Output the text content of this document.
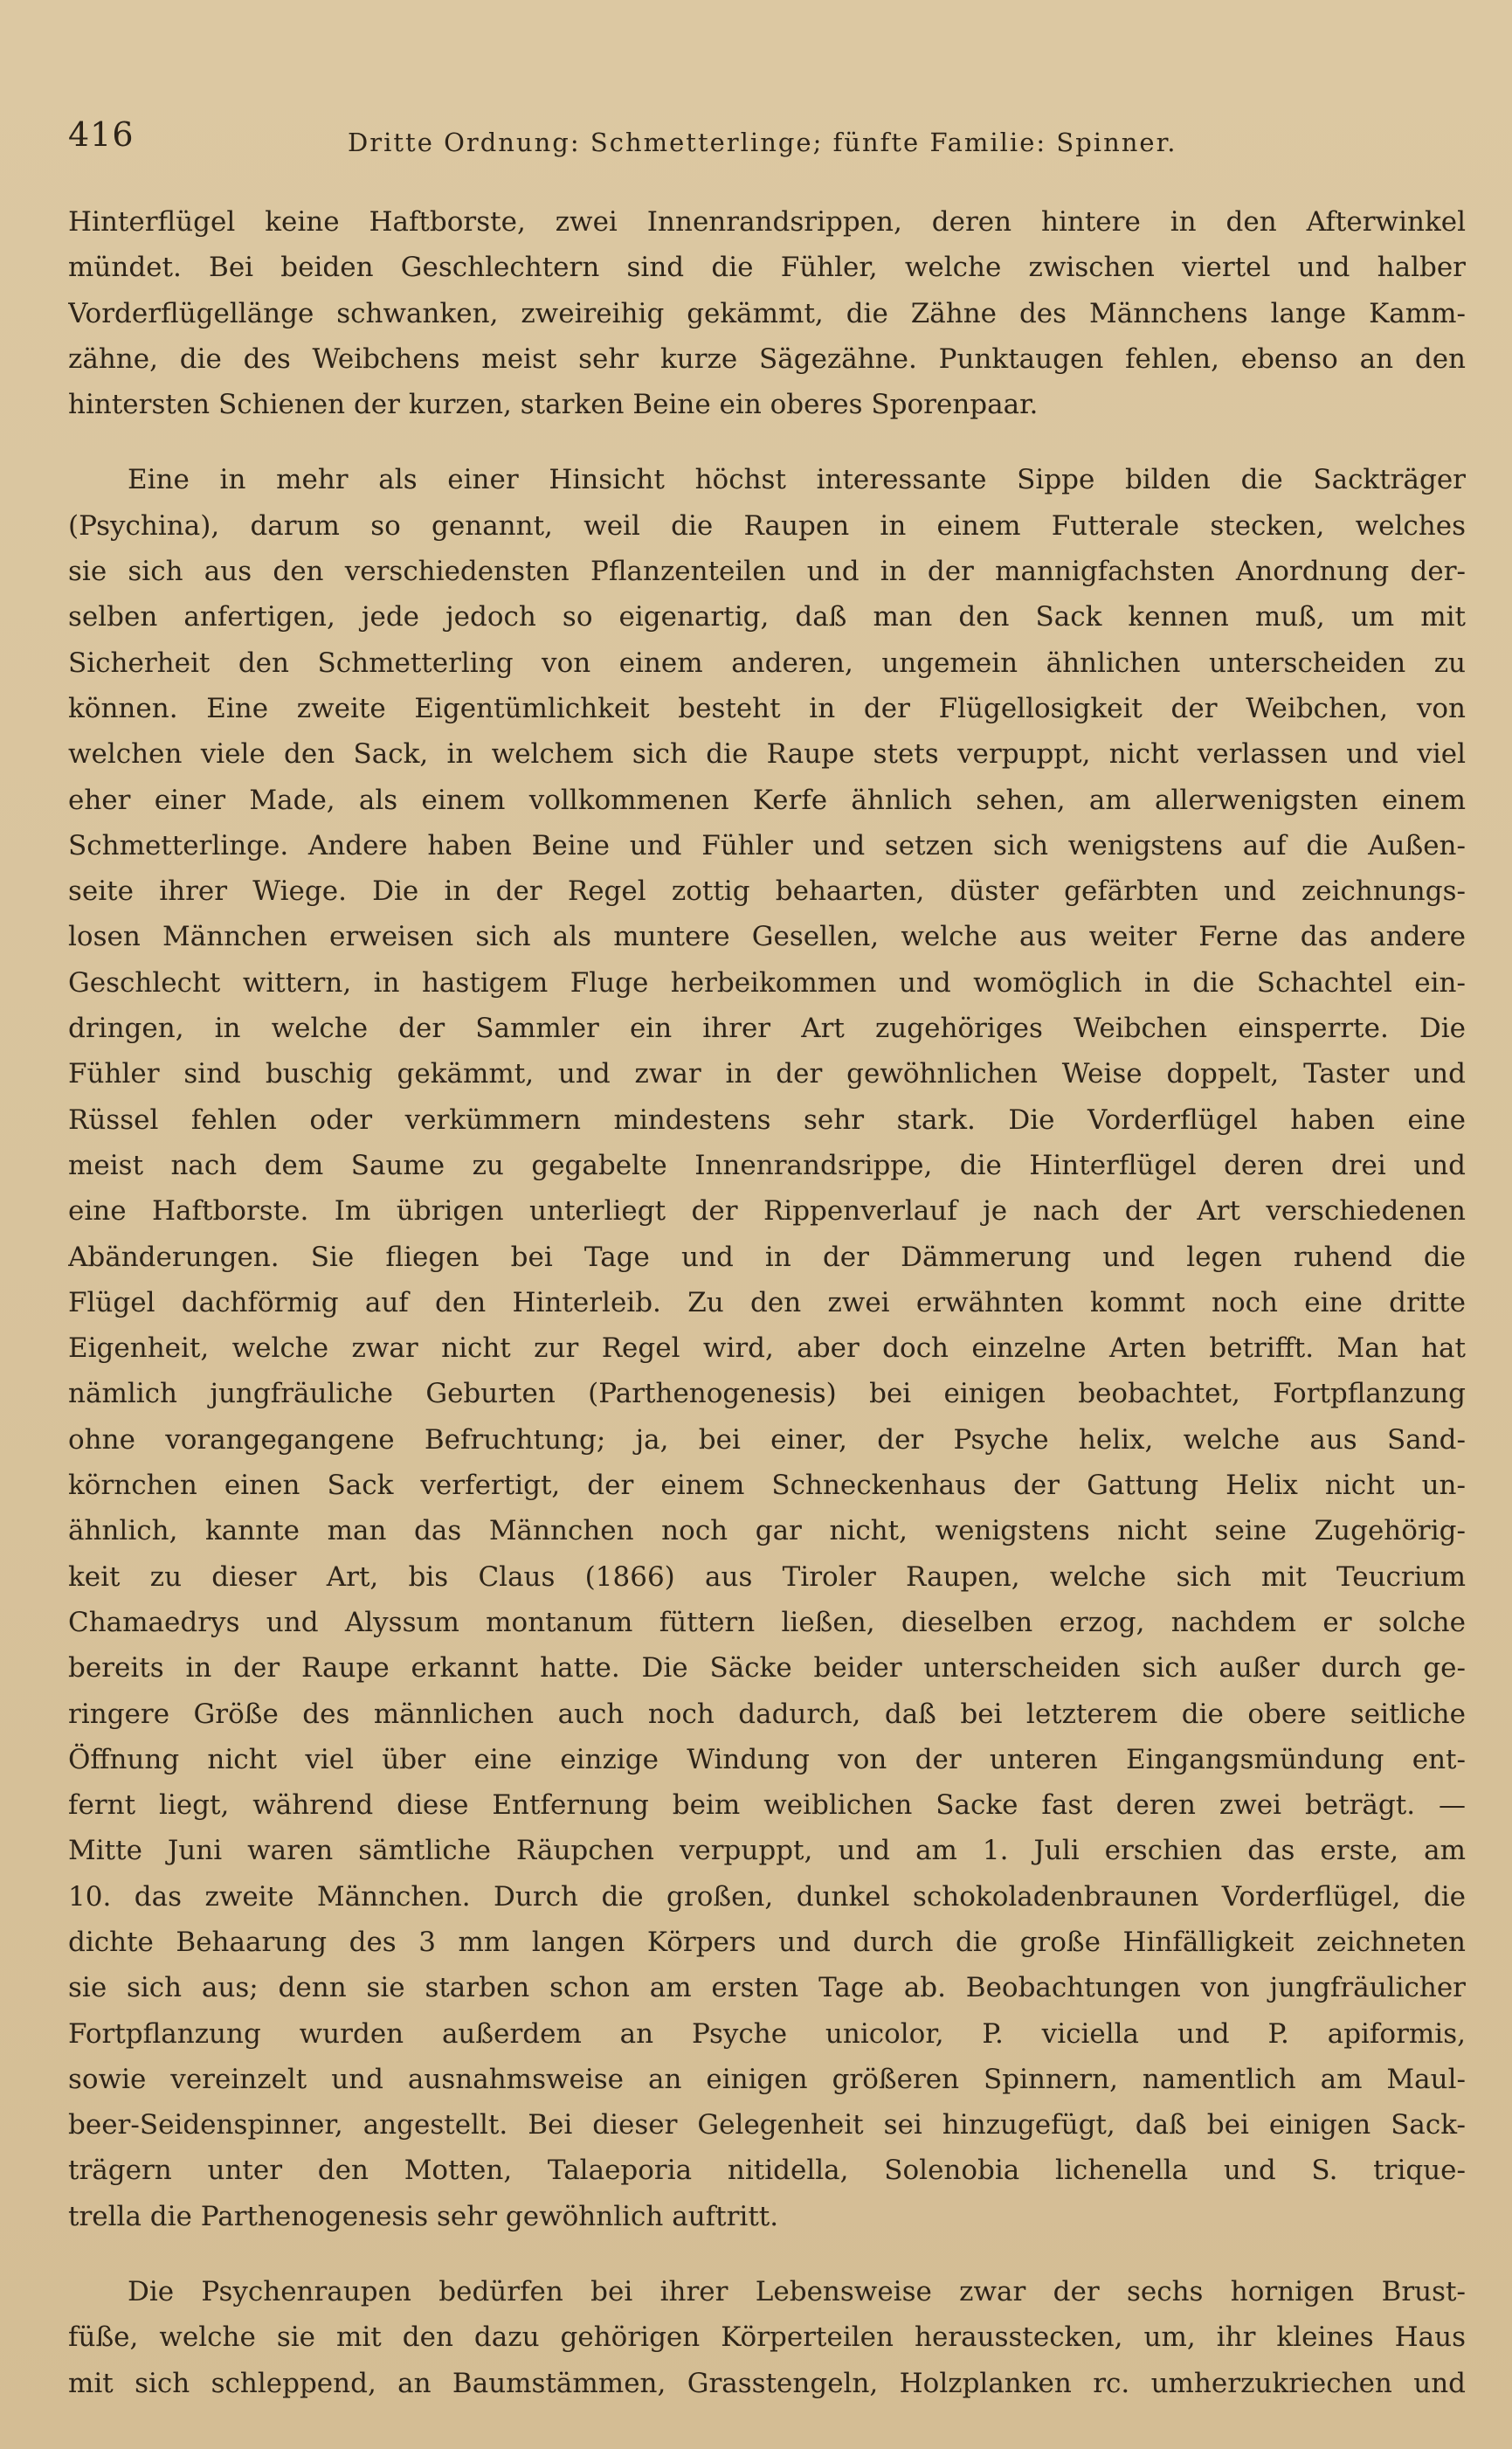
416	Dritte Ordnung: Schmetterlinge; fünfte Familie: Spinner.
Hinterflügel keine Haftborste, zwei Innenrandsrippen, deren hintere in den Afterwinkel
mündet. Bei beiden Geschlechtern sind die Fühler, welche zwischen viertel und halber
Vorderflügellänge schwanken, zweireihig gekämmt, die Zähne des Männchens lange Kamm-
zähne, die des Weibchens meist sehr kurze Sägezähne. Punktaugen fehlen, ebenso an den
hintersten Schienen der kurzen, starken Beine ein oberes Sporenpaar.
Eine in mehr als einer Hinsicht höchst interessante Sippe bilden die Sackträger
(Psychina), darum so genannt, weil die Raupen in einem Futterale stecken, welches
sie sich aus den verschiedensten Pflanzenteilen und in der mannigfachsten Anordnung der-
selben anfertigen, jede jedoch so eigenartig, daß man den Sack kennen muß, um mit
Sicherheit den Schmetterling von einem anderen, ungemein ähnlichen unterscheiden zu
können. Eine zweite Eigentümlichkeit besteht in der Flügellosigkeit der Weibchen, von
welchen viele den Sack, in welchem sich die Raupe stets verpuppt, nicht verlassen und viel
eher einer Made, als einem vollkommenen Kerfe ähnlich sehen, am allerwenigsten einem
Schmetterlinge. Andere haben Beine und Fühler und setzen sich wenigstens auf die Außen-
seite ihrer Wiege. Die in der Regel zottig behaarten, düster gefärbten und zeichnungs-
losen Männchen erweisen sich als muntere Gesellen, welche aus weiter Ferne das andere
Geschlecht wittern, in hastigem Fluge herbeikommen und womöglich in die Schachtel ein-
dringen, in welche der Sammler ein ihrer Art zugehöriges Weibchen einsperrte. Die
Fühler sind buschig gekämmt, und zwar in der gewöhnlichen Weise doppelt, Taster und
Rüssel fehlen oder verkümmern mindestens sehr stark. Die Vorderflügel haben eine
meist nach dem Saume zu gegabelte Innenrandsrippe, die Hinterflügel deren drei und
eine Haftborste. Im übrigen unterliegt der Rippenverlauf je nach der Art verschiedenen
Abänderungen. Sie fliegen bei Tage und in der Dämmerung und legen ruhend die
Flügel dachförmig auf den Hinterleib. Zu den zwei erwähnten kommt noch eine dritte
Eigenheit, welche zwar nicht zur Regel wird, aber doch einzelne Arten betrifft. Man hat
nämlich jungfräuliche Geburten (Parthenogenesis) bei einigen beobachtet, Fortpflanzung
ohne vorangegangene Befruchtung; ja, bei einer, der Psyche helix, welche aus Sand-
körnchen einen Sack verfertigt, der einem Schneckenhaus der Gattung Helix nicht un-
ähnlich, kannte man das Männchen noch gar nicht, wenigstens nicht seine Zugehörig-
keit zu dieser Art, bis Claus (1866) aus Tiroler Raupen, welche sich mit Teucrium
Chamaedrys und Alyssum montanum füttern ließen, dieselben erzog, nachdem er solche
bereits in der Raupe erkannt hatte. Die Säcke beider unterscheiden sich außer durch ge-
ringere Größe des männlichen auch noch dadurch, daß bei letzterem die obere seitliche
Öffnung nicht viel über eine einzige Windung von der unteren Eingangsmündung ent-
fernt liegt, während diese Entfernung beim weiblichen Sacke fast deren zwei beträgt. —
Mitte Juni waren sämtliche Räupchen verpuppt, und am 1. Juli erschien das erste, am
10. das zweite Männchen. Durch die großen, dunkel schokoladenbraunen Vorderflügel, die
dichte Behaarung des 3 mm langen Körpers und durch die große Hinfälligkeit zeichneten
sie sich aus; denn sie starben schon am ersten Tage ab. Beobachtungen von jungfräulicher
Fortpflanzung wurden außerdem an Psyche unicolor, P. viciella und P. apiformis,
sowie vereinzelt und ausnahmsweise an einigen größeren Spinnern, namentlich am Maul-
beer-Seidenspinner, angestellt. Bei dieser Gelegenheit sei hinzugefügt, daß bei einigen Sack-
trägern unter den Motten, Talaeporia nitidella, Solenobia lichenella und S. trique-
trella die Parthenogenesis sehr gewöhnlich auftritt.
Die Psychenraupen bedürfen bei ihrer Lebensweise zwar der sechs hornigen Brust-
füße, welche sie mit den dazu gehörigen Körperteilen herausstecken, um, ihr kleines Haus
mit sich schleppend, an Baumstämmen, Grasstengeln, Holzplanken rc. umherzukriechen und
